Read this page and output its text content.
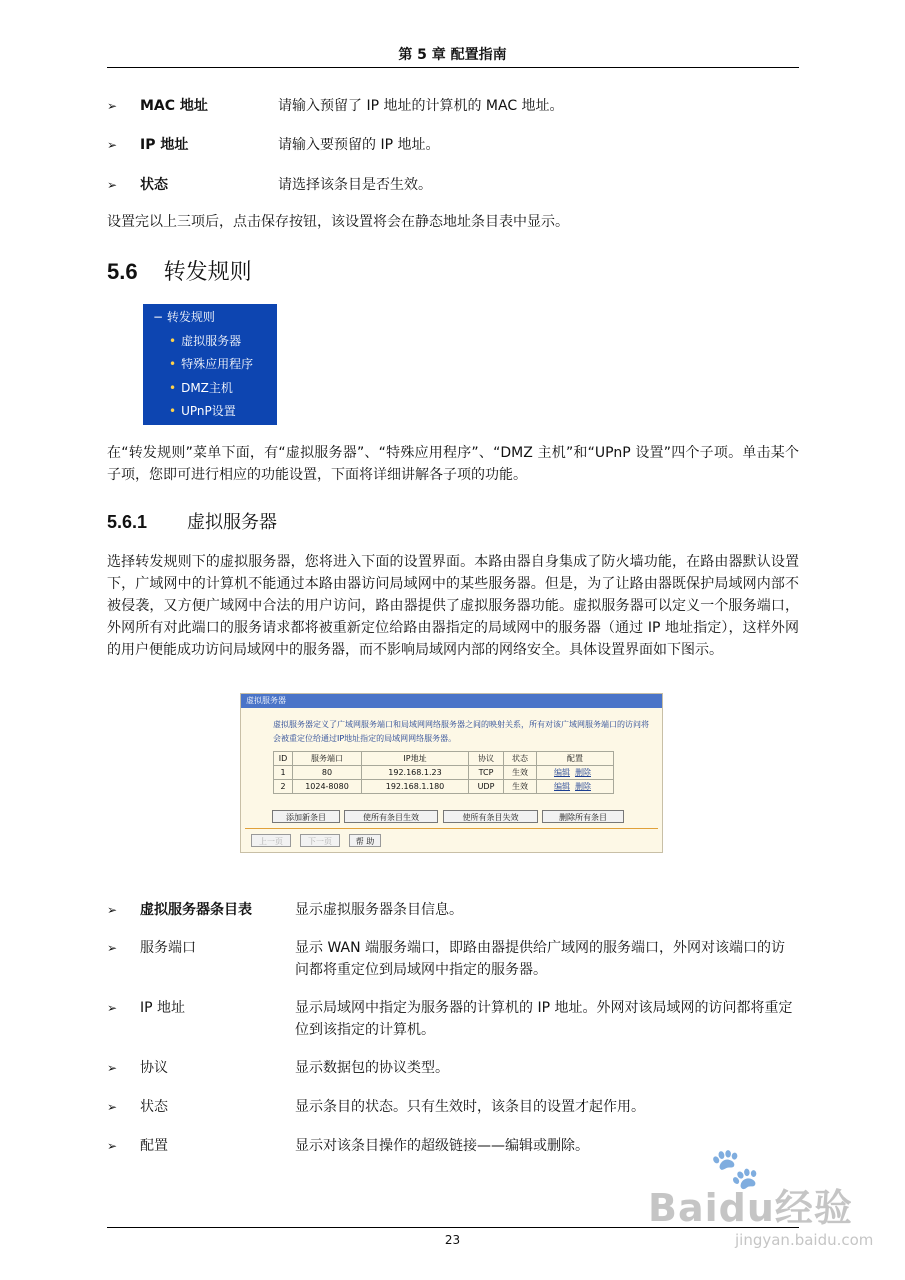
第 5 章 配置指南
➢ MAC 地址	请输入预留了 IP 地址的计算机的 MAC 地址。
➢ IP 地址	请输入要预留的 IP 地址。
➢ 状态	请选择该条目是否生效。
设置完以上三项后，点击保存按钮，该设置将会在静态地址条目表中显示。
5.6 转发规则
− 转发规则
• 虚拟服务器
• 特殊应用程序
• DMZ主机
• UPnP设置
在“转发规则”菜单下面，有“虚拟服务器”、“特殊应用程序”、“DMZ 主机”和“UPnP 设置”四个子项。单击某个子项，您即可进行相应的功能设置，下面将详细讲解各子项的功能。
5.6.1 虚拟服务器
选择转发规则下的虚拟服务器，您将进入下面的设置界面。本路由器自身集成了防火墙功能，在路由器默认设置下，广域网中的计算机不能通过本路由器访问局域网中的某些服务器。但是，为了让路由器既保护局域网内部不被侵袭，又方便广域网中合法的用户访问，路由器提供了虚拟服务器功能。虚拟服务器可以定义一个服务端口，外网所有对此端口的服务请求都将被重新定位给路由器指定的局域网中的服务器（通过 IP 地址指定），这样外网的用户便能成功访问局域网中的服务器，而不影响局域网内部的网络安全。具体设置界面如下图示。
虚拟服务器
虚拟服务器定义了广域网服务端口和局域网网络服务器之间的映射关系，所有对该广域网服务端口的访问将会被重定位给通过IP地址指定的局域网网络服务器。
ID	服务端口	IP地址	协议	状态	配置
1	80	192.168.1.23	TCP	生效	编辑 删除
2	1024-8080	192.168.1.180	UDP	生效	编辑 删除
添加新条目	使所有条目生效	使所有条目失效	删除所有条目
上一页	下一页	帮 助
➢ 虚拟服务器条目表	显示虚拟服务器条目信息。
➢ 服务端口	显示 WAN 端服务端口，即路由器提供给广域网的服务端口，外网对该端口的访问都将重定位到局域网中指定的服务器。
➢ IP 地址	显示局域网中指定为服务器的计算机的 IP 地址。外网对该局域网的访问都将重定位到该指定的计算机。
➢ 协议	显示数据包的协议类型。
➢ 状态	显示条目的状态。只有生效时，该条目的设置才起作用。
➢ 配置	显示对该条目操作的超级链接——编辑或删除。	🐾
Baidu经验
jingyan.baidu.com
23
